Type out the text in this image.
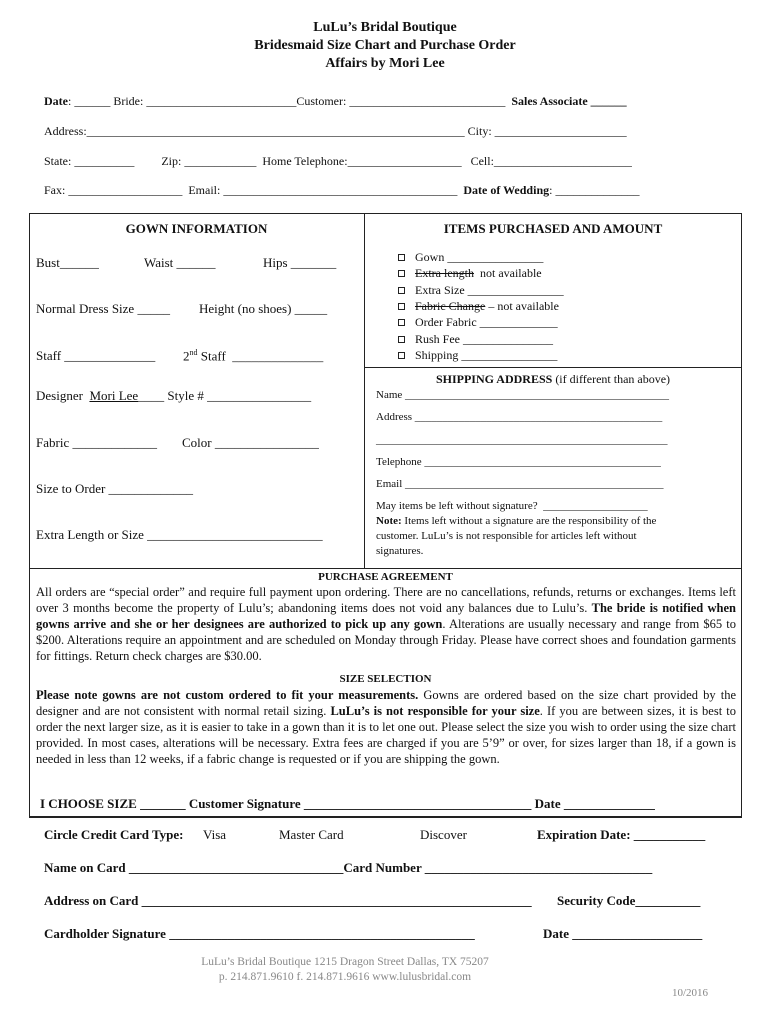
LuLu’s Bridal Boutique
Bridesmaid Size Chart and Purchase Order
Affairs by Mori Lee
Date: ______ Bride: _________________________Customer: __________________________  Sales Associate ______
Address:_______________________________________________________________ City: ______________________
State: __________         Zip: ____________  Home Telephone:___________________   Cell:_______________________
Fax: ___________________  Email: _______________________________________  Date of Wedding: ______________
GOWN INFORMATION
Bust______	Waist ______	Hips _______
Normal Dress Size _____ Height (no shoes) _____
Staff ______________ 2nd Staff  ______________
Designer  Mori Lee____ Style # ________________
Fabric _____________ Color ________________
Size to Order _____________
Extra Length or Size ___________________________
ITEMS PURCHASED AND AMOUNT
Gown ________________
Extra length  not available
Extra Size ________________
Fabric Change – not available
Order Fabric _____________
Rush Fee _______________
Shipping ________________
SHIPPING ADDRESS (if different than above)
Name ________________________________________________
Address _____________________________________________
_____________________________________________________
Telephone ___________________________________________
Email _______________________________________________
May items be left without signature?  ___________________
Note: Items left without a signature are the responsibility of the
customer. LuLu’s is not responsible for articles left without
signatures.
PURCHASE AGREEMENT
All orders are “special order” and require full payment upon ordering. There are no cancellations, refunds, returns or exchanges. Items left over 3 months become the property of Lulu’s; abandoning items does not void any balances due to Lulu’s. The bride is notified when gowns arrive and she or her designees are authorized to pick up any gown. Alterations are usually necessary and range from $65 to $200. Alterations require an appointment and are scheduled on Monday through Friday. Please have correct shoes and foundation garments for fittings. Return check charges are $30.00.
SIZE SELECTION
Please note gowns are not custom ordered to fit your measurements. Gowns are ordered based on the size chart provided by the designer and are not consistent with normal retail sizing. LuLu’s is not responsible for your size. If you are between sizes, it is best to order the next larger size, as it is easier to take in a gown than it is to let one out. Please select the size you wish to order using the size chart provided. In most cases, alterations will be necessary. Extra fees are charged if you are 5’9” or over, for sizes larger than 18, if a gown is needed in less than 12 weeks, if a fabric change is requested or if you are shipping the gown.
I CHOOSE SIZE _______ Customer Signature ___________________________________ Date ______________
Circle Credit Card Type: Visa	Master Card	Discover	Expiration Date: ___________
Name on Card _________________________________Card Number ___________________________________
Address on Card ____________________________________________________________ Security Code__________
Cardholder Signature _______________________________________________	Date ____________________
LuLu’s Bridal Boutique 1215 Dragon Street Dallas, TX 75207
p. 214.871.9610 f. 214.871.9616 www.lulusbridal.com
10/2016
